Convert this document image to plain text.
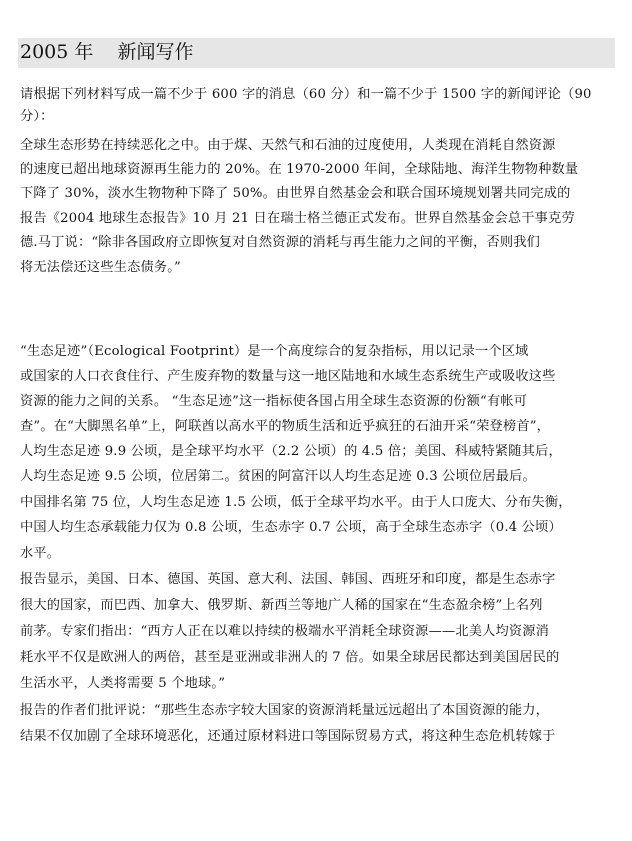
2005 年    新闻写作
请根据下列材料写成一篇不少于 600 字的消息（60 分）和一篇不少于 1500 字的新闻评论（90
分）：
全球生态形势在持续恶化之中。由于煤、天然气和石油的过度使用，人类现在消耗自然资源
的速度已超出地球资源再生能力的 20%。在 1970-2000 年间，全球陆地、海洋生物物种数量
下降了 30%，淡水生物物种下降了 50%。由世界自然基金会和联合国环境规划署共同完成的
报告《2004 地球生态报告》10 月 21 日在瑞士格兰德正式发布。世界自然基金会总干事克劳
德.马丁说：“除非各国政府立即恢复对自然资源的消耗与再生能力之间的平衡，否则我们
将无法偿还这些生态债务。”
“生态足迹”（Ecological Footprint）是一个高度综合的复杂指标，用以记录一个区域
或国家的人口衣食住行、产生废弃物的数量与这一地区陆地和水域生态系统生产或吸收这些
资源的能力之间的关系。 “生态足迹”这一指标使各国占用全球生态资源的份额“有帐可
查”。在“大脚黑名单”上，阿联酋以高水平的物质生活和近乎疯狂的石油开采“荣登榜首”，
人均生态足迹 9.9 公顷，是全球平均水平（2.2 公顷）的 4.5 倍；美国、科威特紧随其后，
人均生态足迹 9.5 公顷，位居第二。贫困的阿富汗以人均生态足迹 0.3 公顷位居最后。
中国排名第 75 位，人均生态足迹 1.5 公顷，低于全球平均水平。由于人口庞大、分布失衡，
中国人均生态承载能力仅为 0.8 公顷，生态赤字 0.7 公顷，高于全球生态赤字（0.4 公顷）
水平。
报告显示，美国、日本、德国、英国、意大利、法国、韩国、西班牙和印度，都是生态赤字
很大的国家，而巴西、加拿大、俄罗斯、新西兰等地广人稀的国家在“生态盈余榜”上名列
前茅。专家们指出：“西方人正在以难以持续的极端水平消耗全球资源——北美人均资源消
耗水平不仅是欧洲人的两倍，甚至是亚洲或非洲人的 7 倍。如果全球居民都达到美国居民的
生活水平，人类将需要 5 个地球。”
报告的作者们批评说：“那些生态赤字较大国家的资源消耗量远远超出了本国资源的能力，
结果不仅加剧了全球环境恶化，还通过原材料进口等国际贸易方式，将这种生态危机转嫁于
